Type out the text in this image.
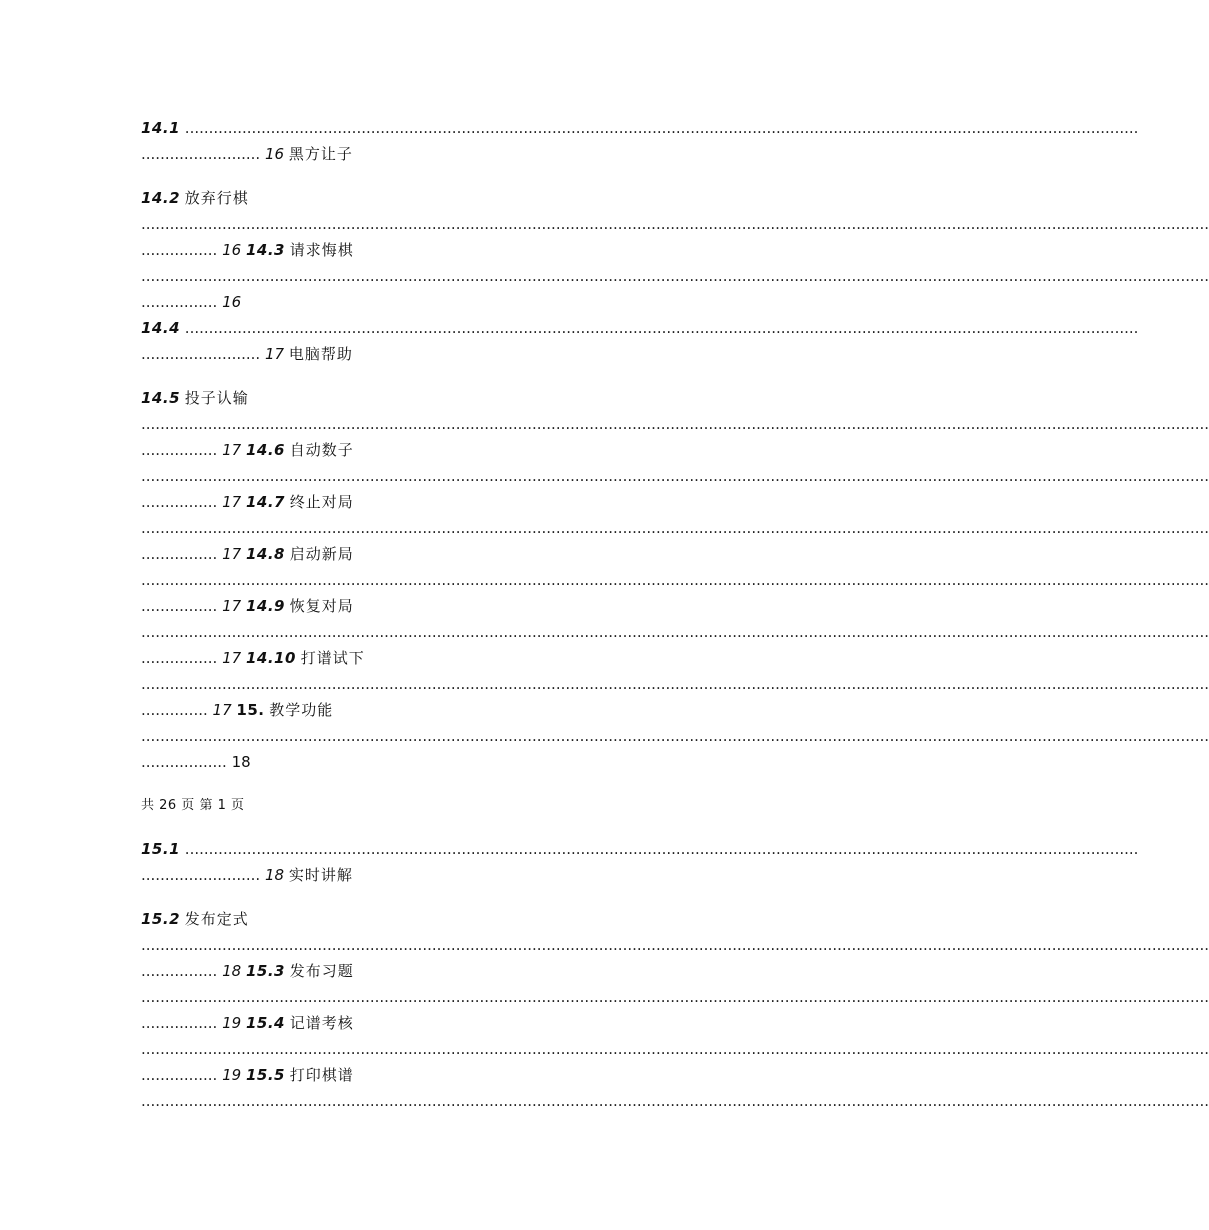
14.1 ........................................................................................................................................................................................................
......................... 16 黑方让子
14.2 放弃行棋
................................................................................................................................................................................................................................
................ 16 14.3 请求悔棋
................................................................................................................................................................................................................................
................ 16
14.4 ........................................................................................................................................................................................................
......................... 17 电脑帮助
14.5 投子认输
................................................................................................................................................................................................................................
................ 17 14.6 自动数子
................................................................................................................................................................................................................................
................ 17 14.7 终止对局
................................................................................................................................................................................................................................
................ 17 14.8 启动新局
................................................................................................................................................................................................................................
................ 17 14.9 恢复对局
................................................................................................................................................................................................................................
................ 17 14.10 打谱试下
................................................................................................................................................................................................................................
.............. 17 15. 教学功能
................................................................................................................................................................................................................................
.................. 18
共 26 页 第 1 页
15.1 ........................................................................................................................................................................................................
......................... 18 实时讲解
15.2 发布定式
................................................................................................................................................................................................................................
................ 18 15.3 发布习题
................................................................................................................................................................................................................................
................ 19 15.4 记谱考核
................................................................................................................................................................................................................................
................ 19 15.5 打印棋谱
................................................................................................................................................................................................................................
